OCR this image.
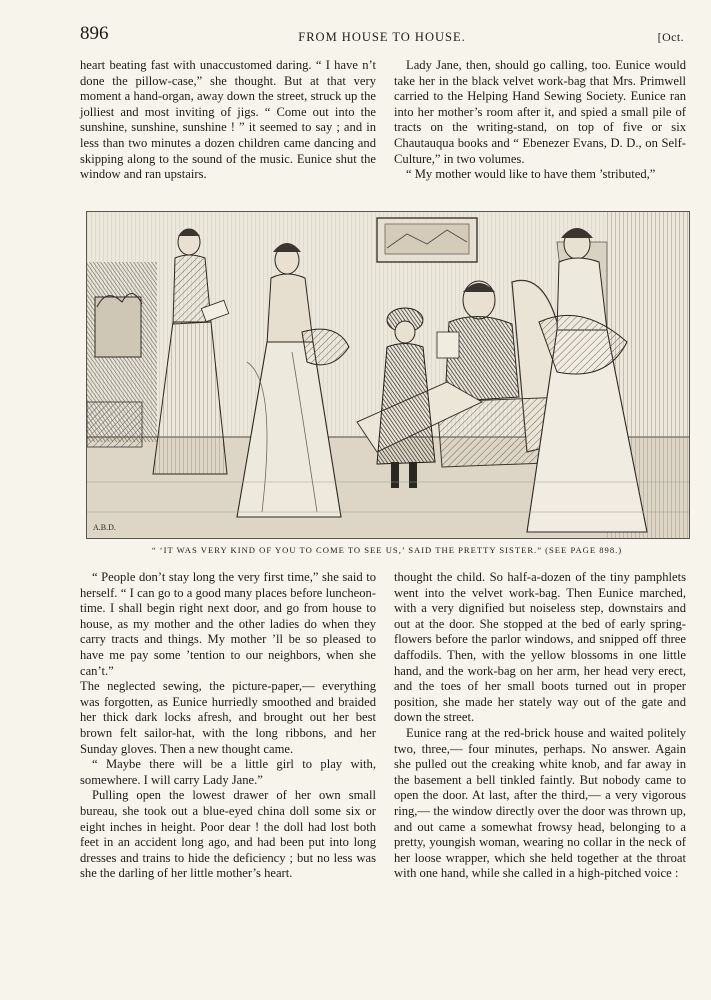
896	FROM HOUSE TO HOUSE.	[Oct.

heart beating fast with unaccustomed daring. “ I have n’t done the pillow-case,” she thought. But at that very moment a hand-organ, away down the street, struck up the jolliest and most inviting of jigs. “ Come out into the sunshine, sunshine, sunshine ! ” it seemed to say ; and in less than two minutes a dozen children came dancing and skipping along to the sound of the music. Eunice shut the window and ran upstairs.

Lady Jane, then, should go calling, too. Eunice would take her in the black velvet work-bag that Mrs. Primwell carried to the Helping Hand Sewing Society. Eunice ran into her mother’s room after it, and spied a small pile of tracts on the writing-stand, on top of five or six Chautauqua books and “ Ebenezer Evans, D. D., on Self-Culture,” in two volumes.

“ My mother would like to have them ’stributed,”

A.B.D.
“ ‘IT WAS VERY KIND OF YOU TO COME TO SEE US,’ SAID THE PRETTY SISTER.” (SEE PAGE 898.)

“ People don’t stay long the very first time,” she said to herself. “ I can go to a good many places before luncheon-time. I shall begin right next door, and go from house to house, as my mother and the other ladies do when they carry tracts and things. My mother ’ll be so pleased to have me pay some ’tention to our neighbors, when she can’t.”

The neglected sewing, the picture-paper,— everything was forgotten, as Eunice hurriedly smoothed and braided her thick dark locks afresh, and brought out her best brown felt sailor-hat, with the long ribbons, and her Sunday gloves. Then a new thought came.

“ Maybe there will be a little girl to play with, somewhere. I will carry Lady Jane.”

Pulling open the lowest drawer of her own small bureau, she took out a blue-eyed china doll some six or eight inches in height. Poor dear ! the doll had lost both feet in an accident long ago, and had been put into long dresses and trains to hide the deficiency ; but no less was she the darling of her little mother’s heart.

thought the child. So half-a-dozen of the tiny pamphlets went into the velvet work-bag. Then Eunice marched, with a very dignified but noiseless step, downstairs and out at the door. She stopped at the bed of early spring-flowers before the parlor windows, and snipped off three daffodils. Then, with the yellow blossoms in one little hand, and the work-bag on her arm, her head very erect, and the toes of her small boots turned out in proper position, she made her stately way out of the gate and down the street.

Eunice rang at the red-brick house and waited politely two, three,— four minutes, perhaps. No answer. Again she pulled out the creaking white knob, and far away in the basement a bell tinkled faintly. But nobody came to open the door. At last, after the third,— a very vigorous ring,— the window directly over the door was thrown up, and out came a somewhat frowsy head, belonging to a pretty, youngish woman, wearing no collar in the neck of her loose wrapper, which she held together at the throat with one hand, while she called in a high-pitched voice :
